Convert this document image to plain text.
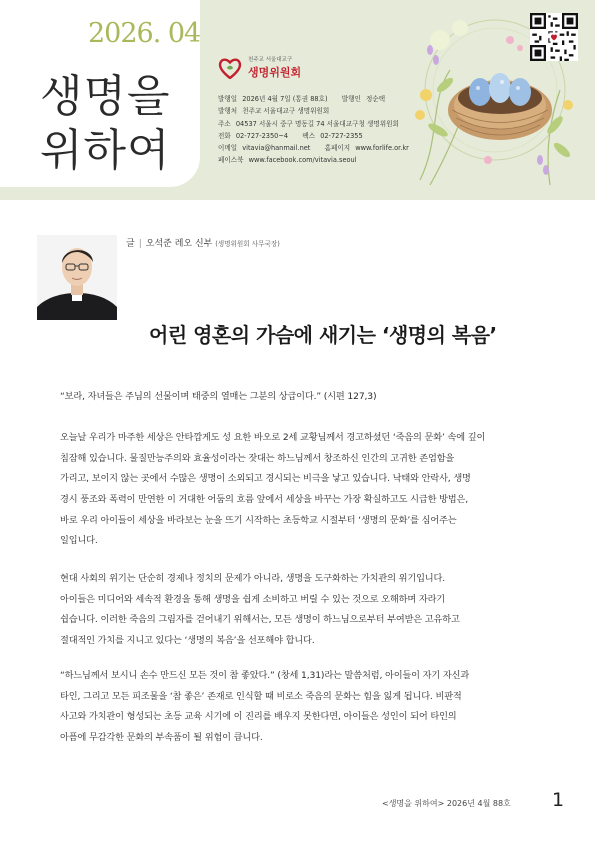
2026. 04
생명을
위하여
천주교 서울대교구
생명위원회
발행일 2026년 4월 7일 (통권 88호) 발행인 정순택
발행처 천주교 서울대교구 생명위원회
주소 04537 서울시 중구 명동길 74 서울대교구청 생명위원회
전화 02-727-2350~4 팩스 02-727-2355
이메일 vitavia@hanmail.net 홈페이지 www.forlife.or.kr
페이스북 www.facebook.com/vitavia.seoul
글 | 오석준 레오 신부 (생명위원회 사무국장)
어린 영혼의 가슴에 새기는 ‘생명의 복음’
“보라, 자녀들은 주님의 선물이며 태중의 열매는 그분의 상급이다.” (시편 127,3)
오늘날 우리가 마주한 세상은 안타깝게도 성 요한 바오로 2세 교황님께서 경고하셨던 ‘죽음의 문화’ 속에 깊이
침잠해 있습니다. 물질만능주의와 효율성이라는 잣대는 하느님께서 창조하신 인간의 고귀한 존엄함을
가리고, 보이지 않는 곳에서 수많은 생명이 소외되고 경시되는 비극을 낳고 있습니다. 낙태와 안락사, 생명
경시 풍조와 폭력이 만연한 이 거대한 어둠의 흐름 앞에서 세상을 바꾸는 가장 확실하고도 시급한 방법은,
바로 우리 아이들이 세상을 바라보는 눈을 뜨기 시작하는 초등학교 시절부터 ‘생명의 문화’를 심어주는
일입니다.
현대 사회의 위기는 단순히 경제나 정치의 문제가 아니라, 생명을 도구화하는 가치관의 위기입니다.
아이들은 미디어와 세속적 환경을 통해 생명을 쉽게 소비하고 버릴 수 있는 것으로 오해하며 자라기
쉽습니다. 이러한 죽음의 그림자를 걷어내기 위해서는, 모든 생명이 하느님으로부터 부여받은 고유하고
절대적인 가치를 지니고 있다는 ‘생명의 복음’을 선포해야 합니다.
“하느님께서 보시니 손수 만드신 모든 것이 참 좋았다.” (창세 1,31)라는 말씀처럼, 아이들이 자기 자신과
타인, 그리고 모든 피조물을 ‘참 좋은’ 존재로 인식할 때 비로소 죽음의 문화는 힘을 잃게 됩니다. 비판적
사고와 가치관이 형성되는 초등 교육 시기에 이 진리를 배우지 못한다면, 아이들은 성인이 되어 타인의
아픔에 무감각한 문화의 부속품이 될 위험이 큽니다.
<생명을 위하여> 2026년 4월 88호 1
